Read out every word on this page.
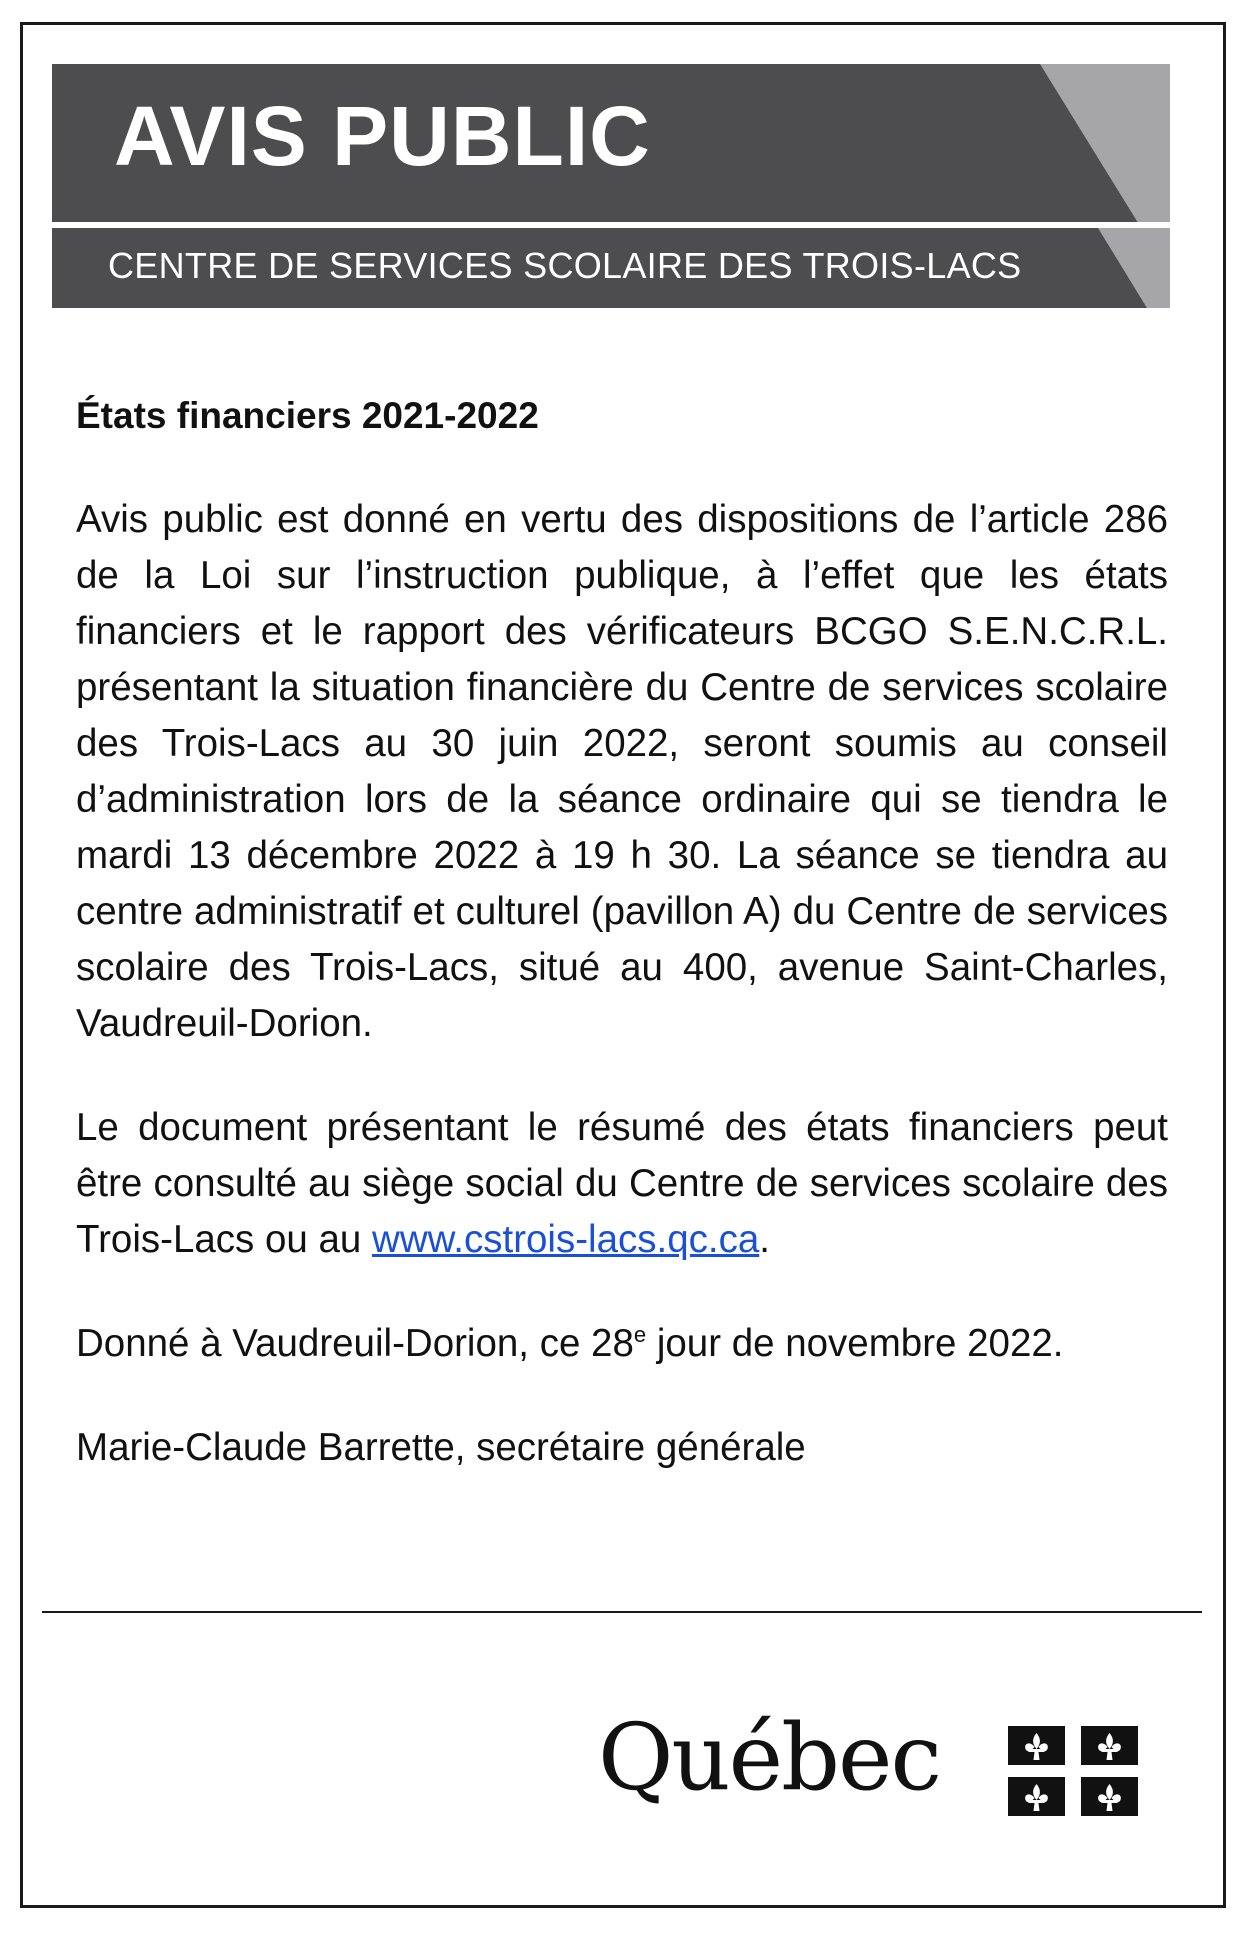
AVIS PUBLIC
CENTRE DE SERVICES SCOLAIRE DES TROIS-LACS

États financiers 2021-2022

Avis public est donné en vertu des dispositions de l’article 286 de la Loi sur l’instruction publique, à l’effet que les états financiers et le rapport des vérificateurs BCGO S.E.N.C.R.L. présentant la situation financière du Centre de services scolaire des Trois-Lacs au 30 juin 2022, seront soumis au conseil d’administration lors de la séance ordinaire qui se tiendra le mardi 13 décembre 2022 à 19 h 30. La séance se tiendra au centre administratif et culturel (pavillon A) du Centre de services scolaire des Trois-Lacs, situé au 400, avenue Saint-Charles, Vaudreuil-Dorion.

Le document présentant le résumé des états financiers peut être consulté au siège social du Centre de services scolaire des Trois-Lacs ou au www.cstrois-lacs.qc.ca.

Donné à Vaudreuil-Dorion, ce 28e jour de novembre 2022.

Marie-Claude Barrette, secrétaire générale

Québec
